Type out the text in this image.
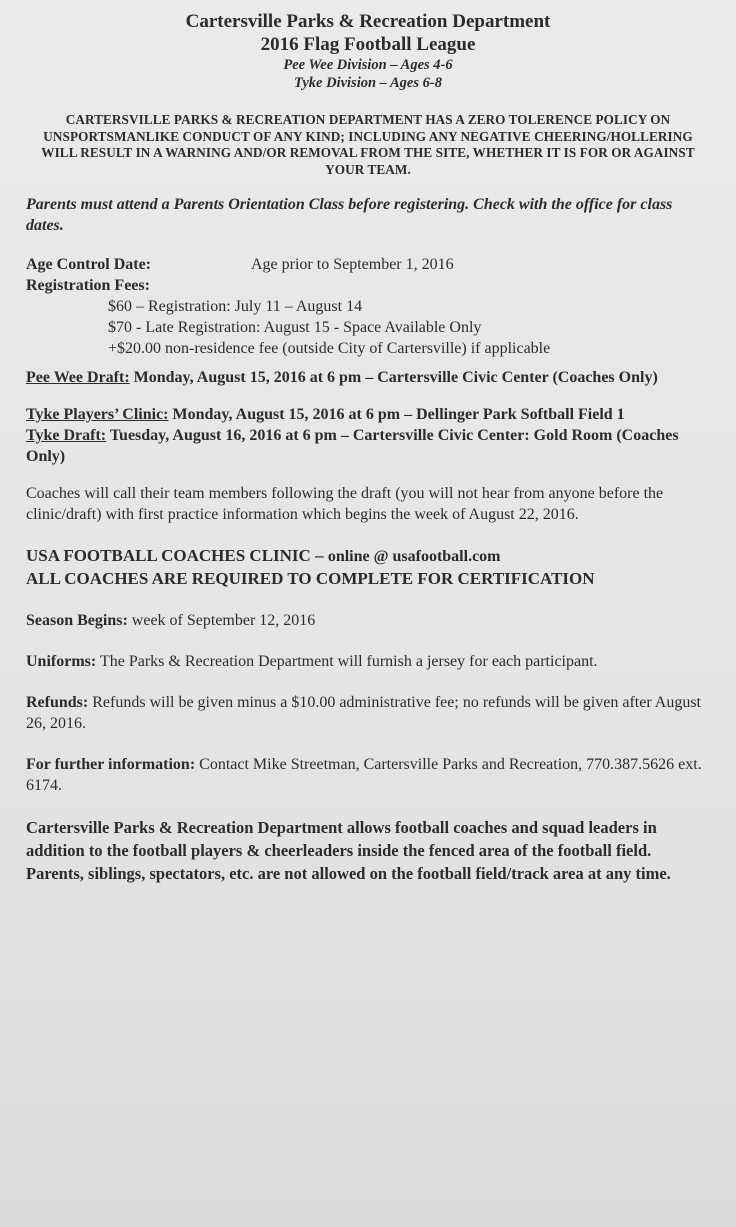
Cartersville Parks & Recreation Department

2016 Flag Football League

Pee Wee Division – Ages 4-6

Tyke Division – Ages 6-8

CARTERSVILLE PARKS & RECREATION DEPARTMENT HAS A ZERO TOLERENCE POLICY ON UNSPORTSMANLIKE CONDUCT OF ANY KIND; INCLUDING ANY NEGATIVE CHEERING/HOLLERING WILL RESULT IN A WARNING AND/OR REMOVAL FROM THE SITE, WHETHER IT IS FOR OR AGAINST YOUR TEAM.

Parents must attend a Parents Orientation Class before registering. Check with the office for class dates.

Age Control Date:	Age prior to September 1, 2016

Registration Fees:

$60 – Registration: July 11 – August 14

$70 - Late Registration: August 15 - Space Available Only

+$20.00 non-residence fee (outside City of Cartersville) if applicable

Pee Wee Draft: Monday, August 15, 2016 at 6 pm – Cartersville Civic Center (Coaches Only)

Tyke Players’ Clinic: Monday, August 15, 2016 at 6 pm – Dellinger Park Softball Field 1

Tyke Draft: Tuesday, August 16, 2016 at 6 pm – Cartersville Civic Center: Gold Room (Coaches Only)

Coaches will call their team members following the draft (you will not hear from anyone before the clinic/draft) with first practice information which begins the week of August 22, 2016.

USA FOOTBALL COACHES CLINIC – online @ usafootball.com

ALL COACHES ARE REQUIRED TO COMPLETE FOR CERTIFICATION

Season Begins: week of September 12, 2016

Uniforms: The Parks & Recreation Department will furnish a jersey for each participant.

Refunds: Refunds will be given minus a $10.00 administrative fee; no refunds will be given after August 26, 2016.

For further information: Contact Mike Streetman, Cartersville Parks and Recreation, 770.387.5626 ext. 6174.

Cartersville Parks & Recreation Department allows football coaches and squad leaders in addition to the football players & cheerleaders inside the fenced area of the football field. Parents, siblings, spectators, etc. are not allowed on the football field/track area at any time.
